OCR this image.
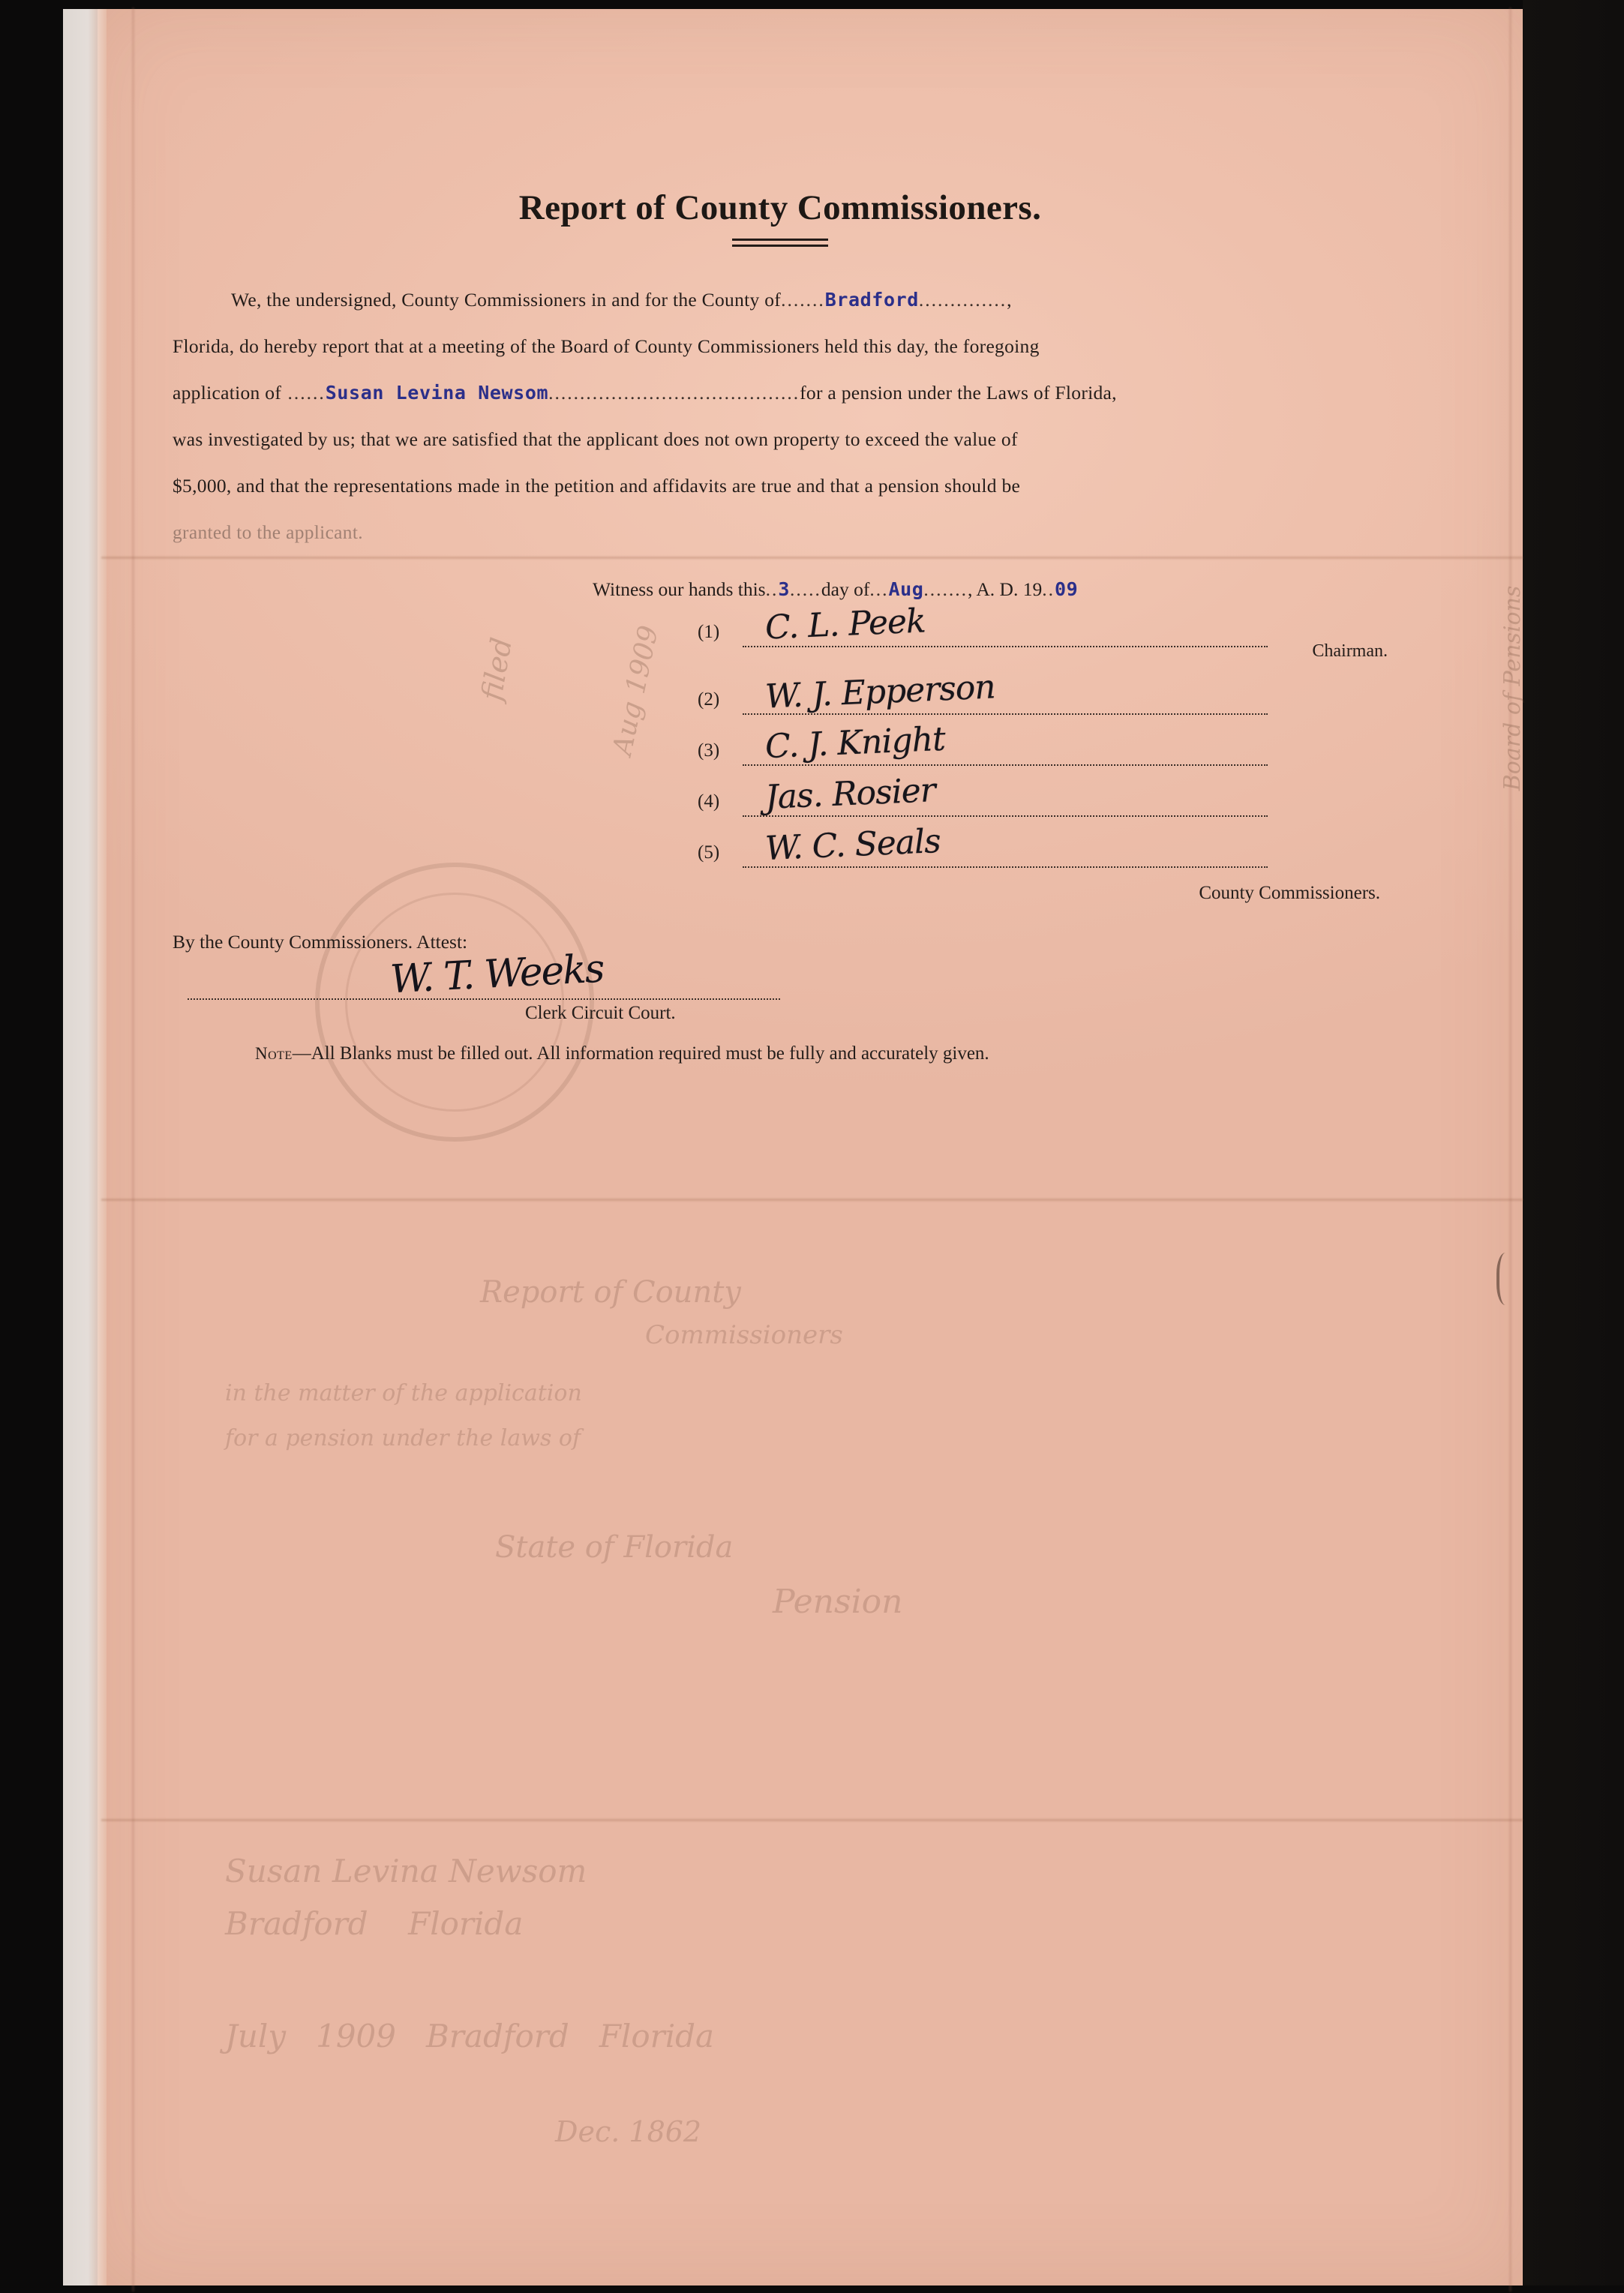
Report of County
Commissioners
in the matter of the application
for a pension under the laws of
Pension
State of Florida
Susan Levina Newsom
Bradford    Florida
July   1909   Bradford   Florida
Dec. 1862
filed	Aug 1909	Board of Pensions
Report of County Commissioners.
We, the undersigned, County Commissioners in and for the County of.......Bradford..............,
Florida, do hereby report that at a meeting of the Board of County Commissioners held this day, the foregoing
application of ......Susan Levina Newsom........................................for a pension under the Laws of Florida,
was investigated by us; that we are satisfied that the applicant does not own property to exceed the value of
$5,000, and that the representations made in the petition and affidavits are true and that a pension should be
granted to the applicant.
Witness our hands this..3.....day of...Aug......., A. D. 19..09
(1) C. L. Peek
Chairman.
(2) W. J. Epperson
(3) C. J. Knight
(4) Jas. Rosier
(5) W. C. Seals
County Commissioners.
By the County Commissioners. Attest:
W. T. Weeks
Clerk Circuit Court.
Note—All Blanks must be filled out. All information required must be fully and accurately given.
